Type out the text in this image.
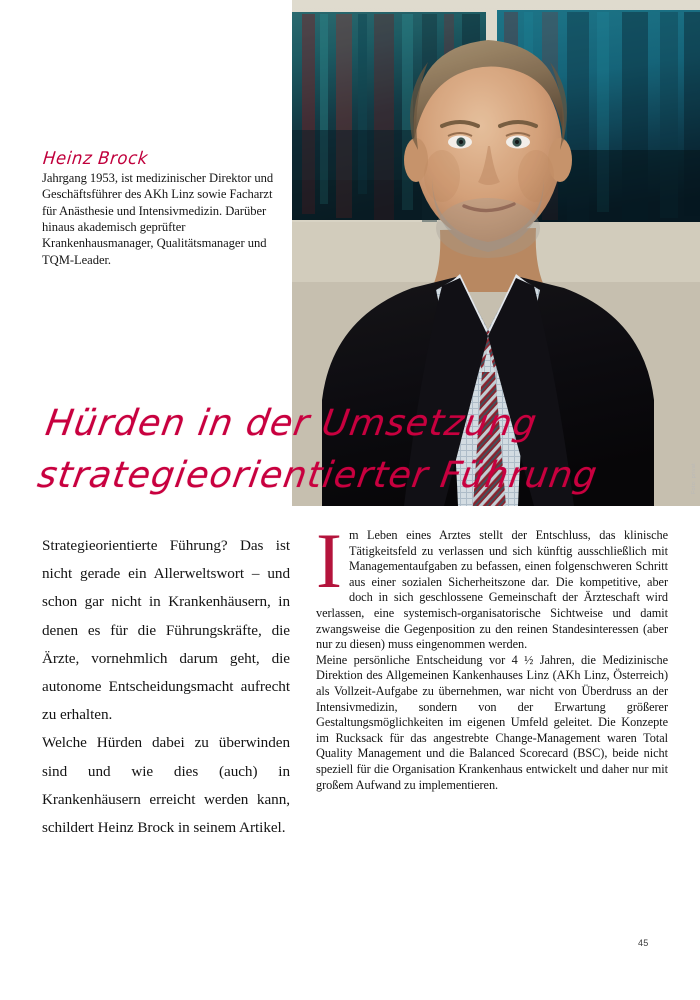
Foto: privat
Heinz Brock

Jahrgang 1953, ist medizinischer Direktor und Geschäftsführer des AKh Linz sowie Facharzt für Anästhesie und Intensivmedizin. Darüber hinaus akademisch geprüfter Krankenhausmanager, Qualitätsmanager und TQM-Leader.

Hürden in der Umsetzung
strategieorientierter Führung

Strategieorientierte Führung? Das ist nicht gerade ein Allerweltswort – und schon gar nicht in Krankenhäusern, in denen es für die Führungskräfte, die Ärzte, vornehmlich darum geht, die autonome Entscheidungsmacht aufrecht zu erhalten.

Welche Hürden dabei zu überwinden sind und wie dies (auch) in Krankenhäusern erreicht werden kann, schildert Heinz Brock in seinem Artikel.

I m Leben eines Arztes stellt der Entschluss, das klinische Tätigkeitsfeld zu verlassen und sich künftig ausschließlich mit Managementaufgaben zu befassen, einen folgenschweren Schritt aus einer sozialen Sicherheitszone dar. Die kompetitive, aber doch in sich geschlossene Gemeinschaft der Ärzteschaft wird verlassen, eine systemisch-organisatorische Sichtweise und damit zwangsweise die Gegenposition zu den reinen Standesinteressen (aber nur zu diesen) muss eingenommen werden.

Meine persönliche Entscheidung vor 4 ½ Jahren, die Medizinische Direktion des Allgemeinen Kankenhauses Linz (AKh Linz, Österreich) als Vollzeit-Aufgabe zu übernehmen, war nicht von Überdruss an der Intensivmedizin, sondern von der Erwartung größerer Gestaltungsmöglichkeiten im eigenen Umfeld geleitet. Die Konzepte im Rucksack für das angestrebte Change-Management waren Total Quality Management und die Balanced Scorecard (BSC), beide nicht speziell für die Organisation Krankenhaus entwickelt und daher nur mit großem Aufwand zu implementieren.

45
